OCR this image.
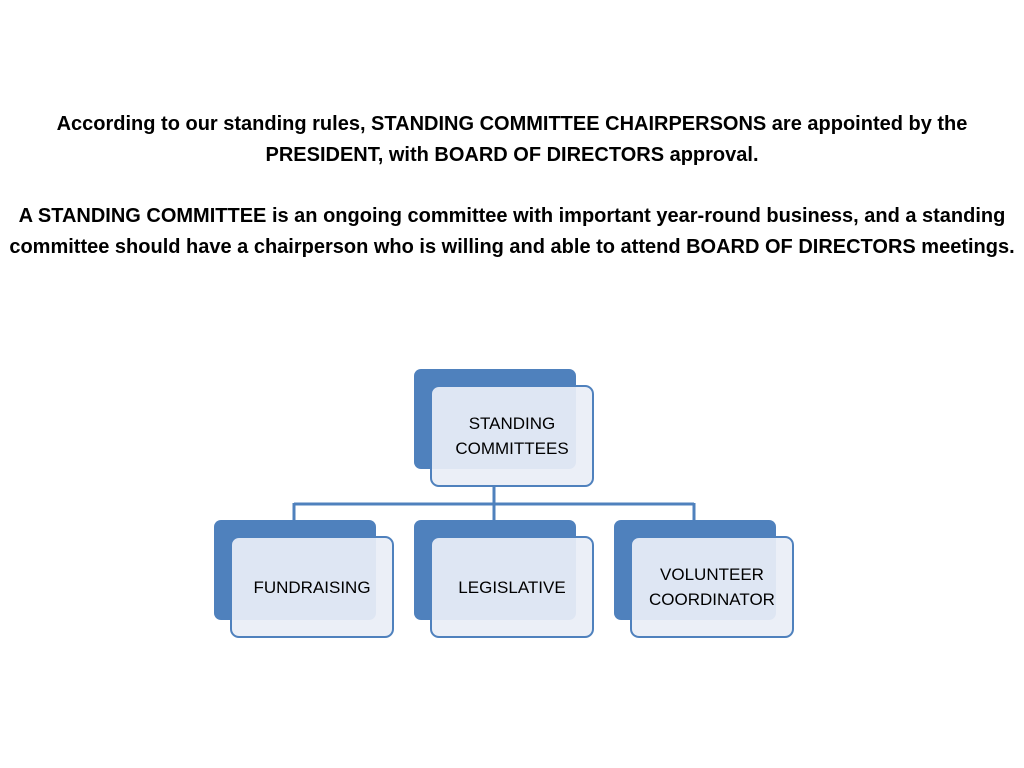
According to our standing rules, STANDING COMMITTEE CHAIRPERSONS are appointed by the PRESIDENT, with BOARD OF DIRECTORS approval.

A STANDING COMMITTEE is an ongoing committee with important year-round business, and a standing committee should have a chairperson who is willing and able to attend BOARD OF DIRECTORS meetings.

STANDING COMMITTEES
FUNDRAISING	LEGISLATIVE
VOLUNTEER COORDINATOR
